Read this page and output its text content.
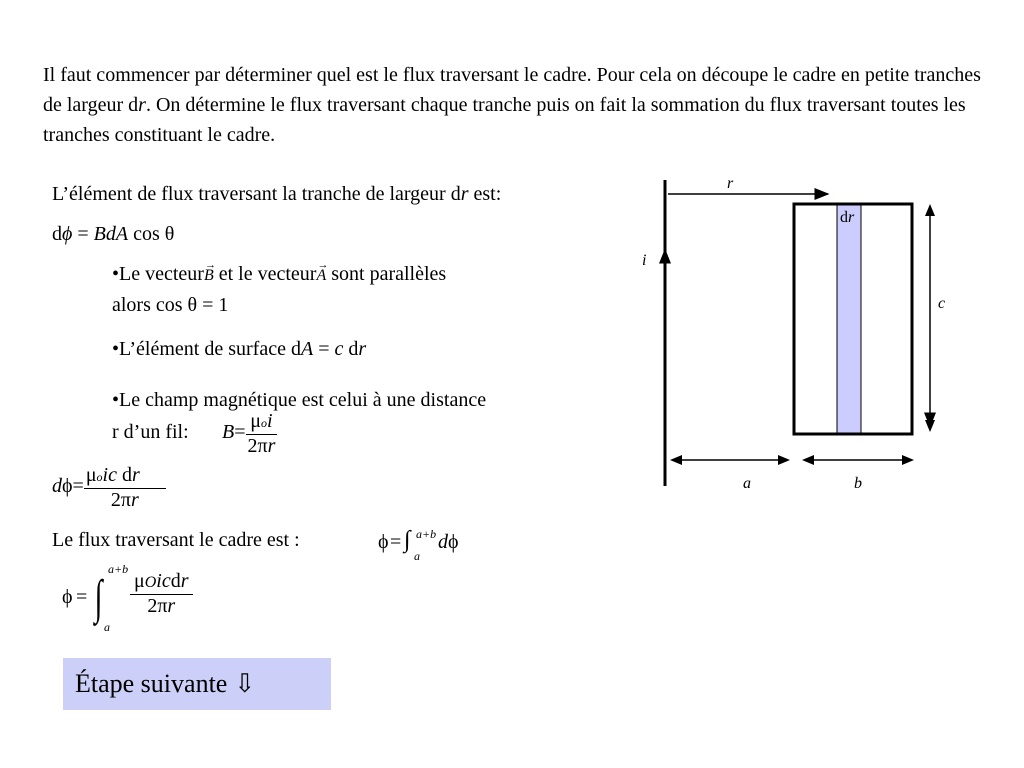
Il faut commencer par déterminer quel est le flux traversant le cadre. Pour cela on découpe le cadre en petite tranches de largeur dr. On détermine le flux traversant chaque tranche puis on fait la sommation du flux traversant toutes les tranches constituant le cadre.
L’élément de flux traversant la tranche de largeur dr est:
dϕ = BdA cos θ
•Le vecteur→ B et le vecteur→ A sont parallèles
alors cos θ = 1
•L’élément de surface dA = c dr
•Le champ magnétique est celui à une distance
r d’un fil: $B= \frac{\text{μoi}}{2\pi r}$
$d\phi= \frac{\text{μoic dr}}{2\pi r}$
Le flux traversant le cadre est :	ϕ = ∫ a+b
a
d ϕ
ϕ = ∫
a+b
a
μOicdr
2πr
r
i
dr
c
a	b
Étape suivante ⇩
